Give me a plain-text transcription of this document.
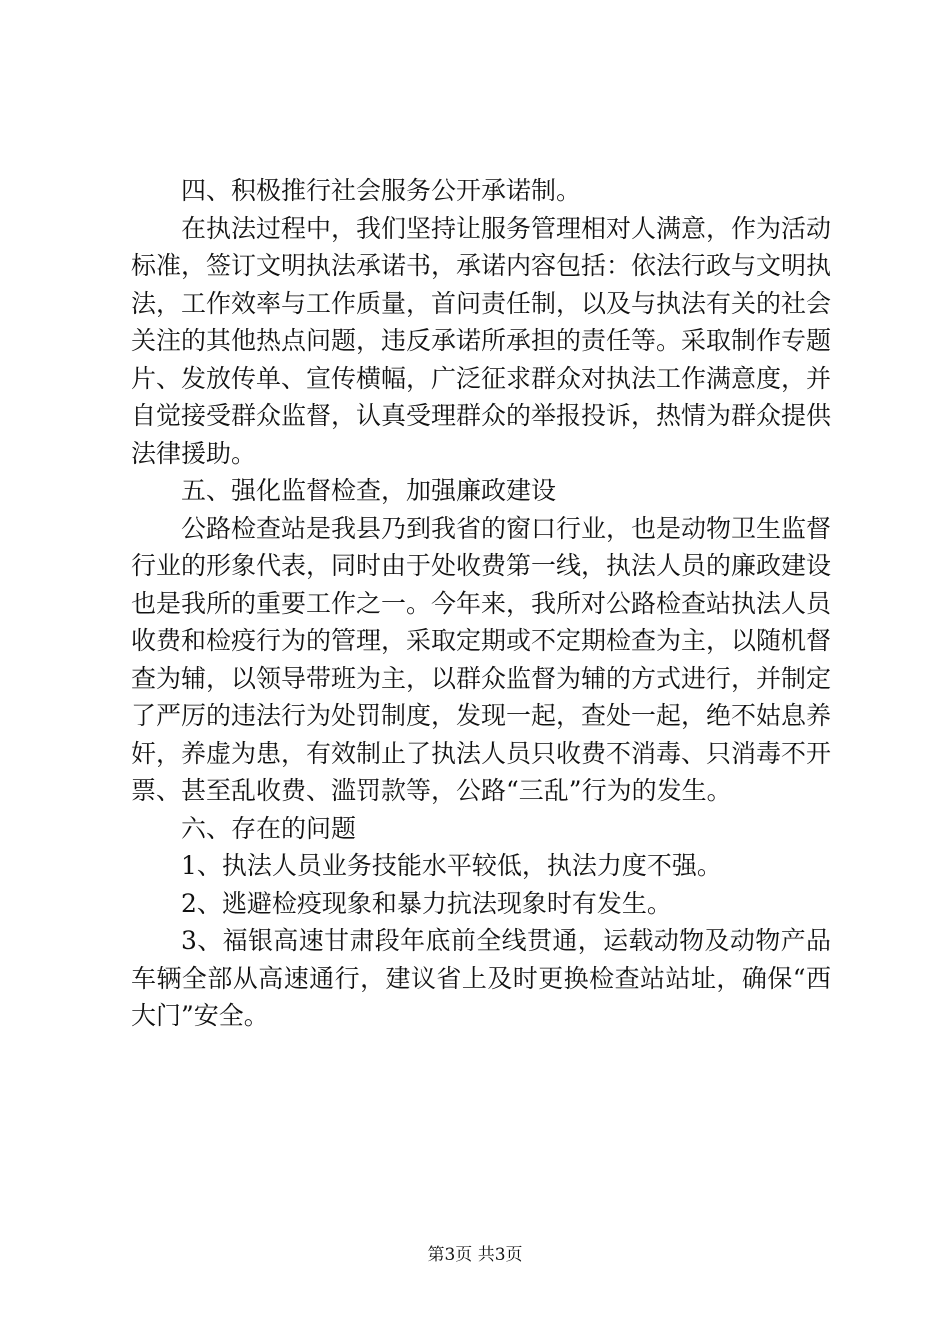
四、积极推行社会服务公开承诺制。

在执法过程中，我们坚持让服务管理相对人满意，作为活动标准，签订文明执法承诺书，承诺内容包括：依法行政与文明执法，工作效率与工作质量，首问责任制，以及与执法有关的社会关注的其他热点问题，违反承诺所承担的责任等。采取制作专题片、发放传单、宣传横幅，广泛征求群众对执法工作满意度，并自觉接受群众监督，认真受理群众的举报投诉，热情为群众提供法律援助。

五、强化监督检查，加强廉政建设

公路检查站是我县乃到我省的窗口行业，也是动物卫生监督行业的形象代表，同时由于处收费第一线，执法人员的廉政建设也是我所的重要工作之一。今年来，我所对公路检查站执法人员收费和检疫行为的管理，采取定期或不定期检查为主，以随机督查为辅，以领导带班为主，以群众监督为辅的方式进行，并制定了严厉的违法行为处罚制度，发现一起，查处一起，绝不姑息养奸，养虚为患，有效制止了执法人员只收费不消毒、只消毒不开票、甚至乱收费、滥罚款等，公路“三乱”行为的发生。

六、存在的问题

1、执法人员业务技能水平较低，执法力度不强。

2、逃避检疫现象和暴力抗法现象时有发生。

3、福银高速甘肃段年底前全线贯通，运载动物及动物产品车辆全部从高速通行，建议省上及时更换检查站站址，确保“西大门”安全。

第3页 共3页
